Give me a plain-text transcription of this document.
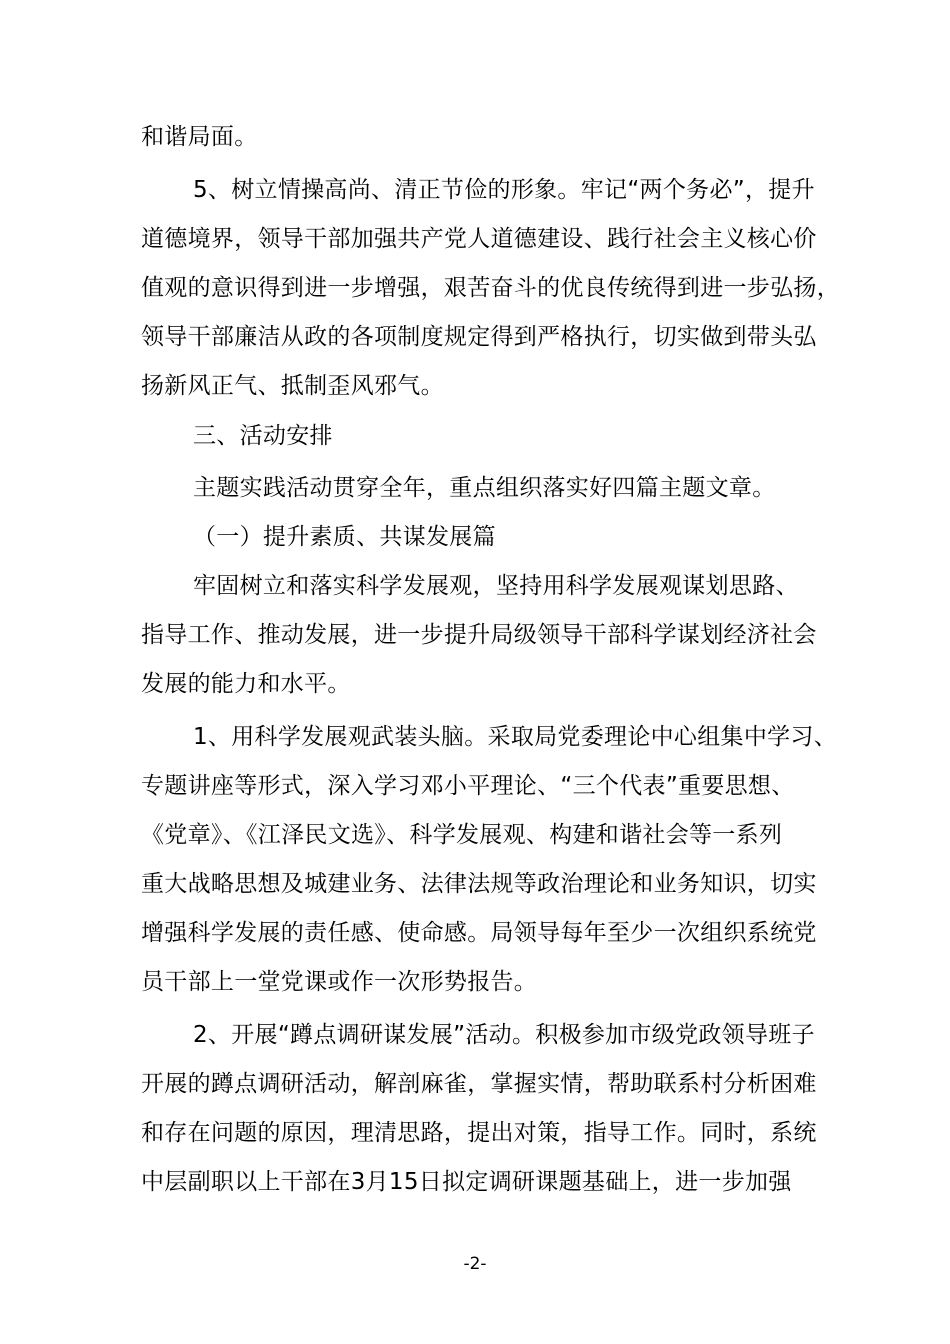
和谐局面。
5、树立情操高尚、清正节俭的形象。牢记“两个务必”，提升
道德境界，领导干部加强共产党人道德建设、践行社会主义核心价
值观的意识得到进一步增强，艰苦奋斗的优良传统得到进一步弘扬，
领导干部廉洁从政的各项制度规定得到严格执行，切实做到带头弘
扬新风正气、抵制歪风邪气。
三、活动安排
主题实践活动贯穿全年，重点组织落实好四篇主题文章。
（一）提升素质、共谋发展篇
牢固树立和落实科学发展观，坚持用科学发展观谋划思路、
指导工作、推动发展，进一步提升局级领导干部科学谋划经济社会
发展的能力和水平。
1、用科学发展观武装头脑。采取局党委理论中心组集中学习、
专题讲座等形式，深入学习邓小平理论、“三个代表”重要思想、
《党章》、《江泽民文选》、科学发展观、构建和谐社会等一系列
重大战略思想及城建业务、法律法规等政治理论和业务知识，切实
增强科学发展的责任感、使命感。局领导每年至少一次组织系统党
员干部上一堂党课或作一次形势报告。
2、开展“蹲点调研谋发展”活动。积极参加市级党政领导班子
开展的蹲点调研活动，解剖麻雀，掌握实情，帮助联系村分析困难
和存在问题的原因，理清思路，提出对策，指导工作。同时，系统
中层副职以上干部在3月15日拟定调研课题基础上，进一步加强
-2-
